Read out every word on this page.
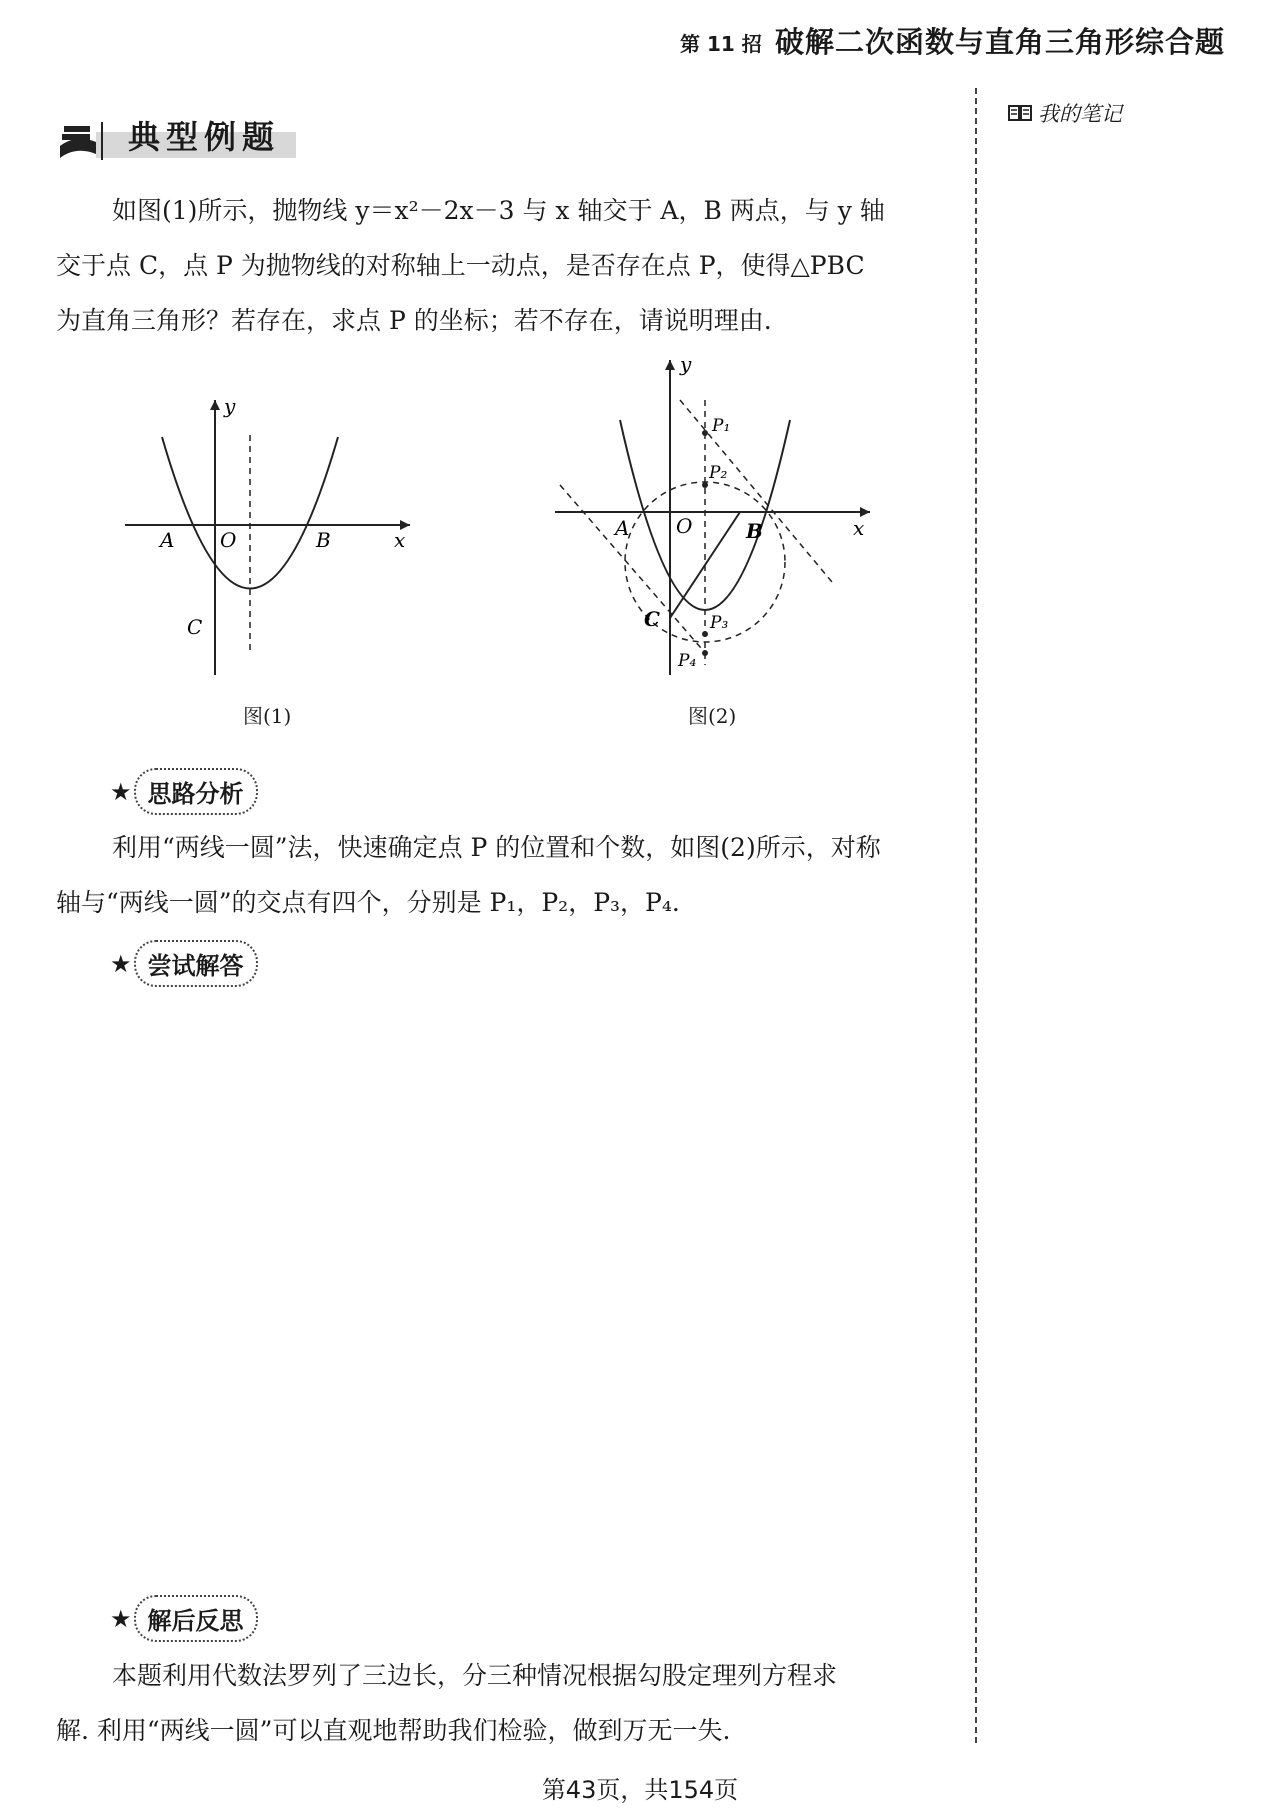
第 11 招 破解二次函数与直角三角形综合题
我的笔记
典型例题
如图(1)所示，抛物线 y＝x²－2x－3 与 x 轴交于 A，B 两点，与 y 轴
交于点 C，点 P 为抛物线的对称轴上一动点，是否存在点 P，使得△PBC
为直角三角形？若存在，求点 P 的坐标；若不存在，请说明理由.
y
x
A O	B
C
图(1)
y
x
A O	B
C
P₁
P₂
P₃
P₄
图(2)
★ 思路分析
利用“两线一圆”法，快速确定点 P 的位置和个数，如图(2)所示，对称
轴与“两线一圆”的交点有四个，分别是 P₁，P₂，P₃，P₄.
★ 尝试解答
★ 解后反思
本题利用代数法罗列了三边长，分三种情况根据勾股定理列方程求
解. 利用“两线一圆”可以直观地帮助我们检验，做到万无一失.
第43页，共154页
